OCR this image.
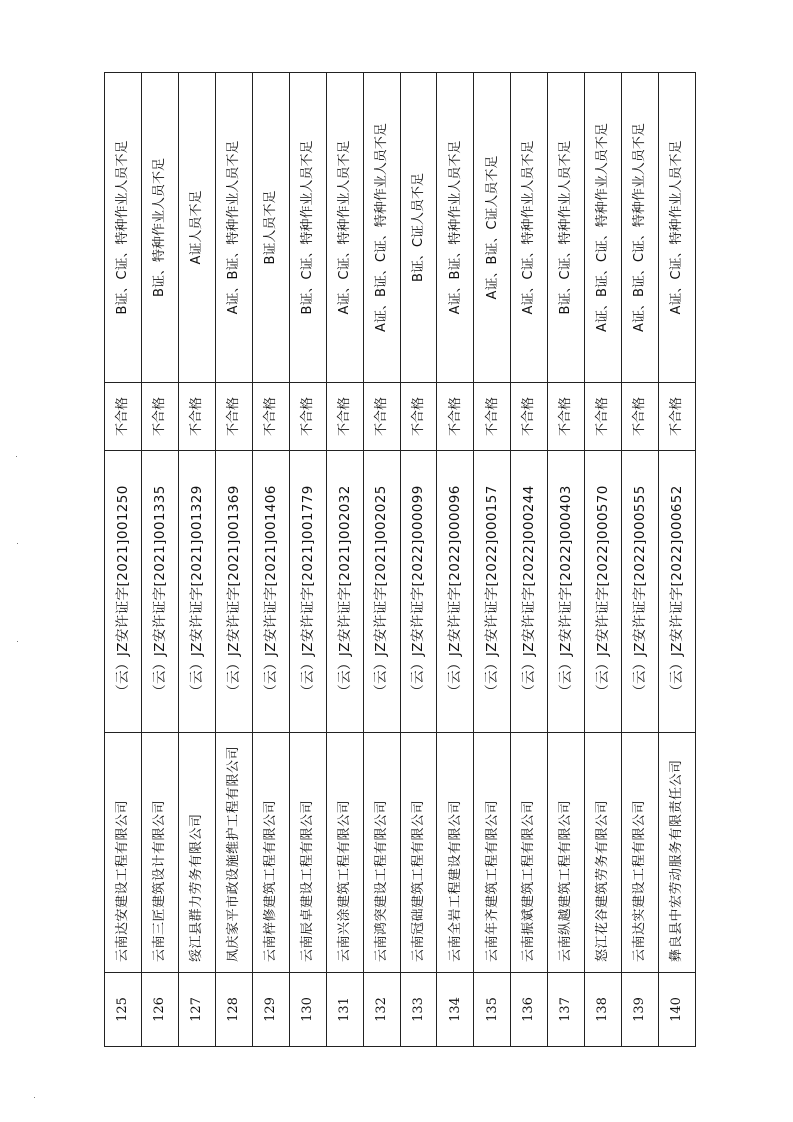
125	云南达安建设工程有限公司	（云）JZ安许证字[2021]001250	不合格	B证、C证、特种作业人员不足
126	云南三匠建筑设计有限公司	（云）JZ安许证字[2021]001335	不合格	B证、特种作业人员不足
127	绥江县群力劳务有限公司	（云）JZ安许证字[2021]001329	不合格	A证人员不足
128	凤庆家平市政设施维护工程有限公司	（云）JZ安许证字[2021]001369	不合格	A证、B证、特种作业人员不足
129	云南梓修建筑工程有限公司	（云）JZ安许证字[2021]001406	不合格	B证人员不足
130	云南辰卓建设工程有限公司	（云）JZ安许证字[2021]001779	不合格	B证、C证、特种作业人员不足
131	云南兴涂建筑工程有限公司	（云）JZ安许证字[2021]002032	不合格	A证、C证、特种作业人员不足
132	云南鸿突建设工程有限公司	（云）JZ安许证字[2021]002025	不合格	A证、B证、C证、特种作业人员不足
133	云南冠础建筑工程有限公司	（云）JZ安许证字[2022]000099	不合格	B证、C证人员不足
134	云南全岩工程建设有限公司	（云）JZ安许证字[2022]000096	不合格	A证、B证、特种作业人员不足
135	云南年齐建筑工程有限公司	（云）JZ安许证字[2022]000157	不合格	A证、B证、C证人员不足
136	云南振斌建筑工程有限公司	（云）JZ安许证字[2022]000244	不合格	A证、C证、特种作业人员不足
137	云南纵越建筑工程有限公司	（云）JZ安许证字[2022]000403	不合格	B证、C证、特种作业人员不足
138	怒江花谷建筑劳务有限公司	（云）JZ安许证字[2022]000570	不合格	A证、B证、C证、特种作业人员不足
139	云南达实建设工程有限公司	（云）JZ安许证字[2022]000555	不合格	A证、B证、C证、特种作业人员不足
140	彝良县中宏劳动服务有限责任公司	（云）JZ安许证字[2022]000652	不合格	A证、C证、特种作业人员不足
